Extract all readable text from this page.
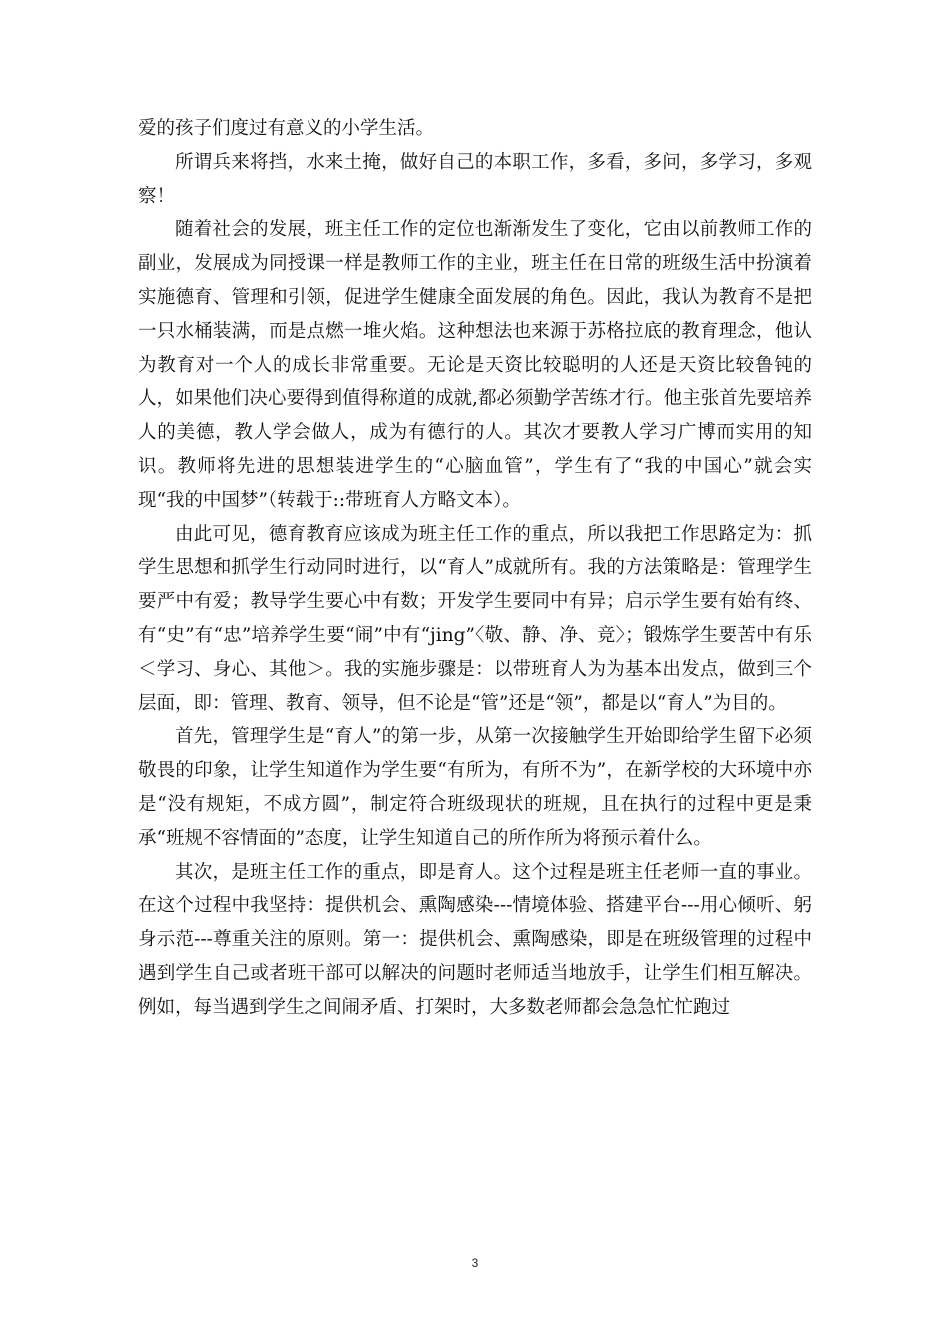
爱的孩子们度过有意义的小学生活。

所谓兵来将挡，水来土掩，做好自己的本职工作，多看，多问，多学习，多观察！

随着社会的发展，班主任工作的定位也渐渐发生了变化，它由以前教师工作的副业，发展成为同授课一样是教师工作的主业，班主任在日常的班级生活中扮演着实施德育、管理和引领，促进学生健康全面发展的角色。因此，我认为教育不是把一只水桶装满，而是点燃一堆火焰。这种想法也来源于苏格拉底的教育理念，他认为教育对一个人的成长非常重要。无论是天资比较聪明的人还是天资比较鲁钝的人，如果他们决心要得到值得称道的成就,都必须勤学苦练才行。他主张首先要培养人的美德，教人学会做人，成为有德行的人。其次才要教人学习广博而实用的知识。教师将先进的思想装进学生的“心脑血管”，学生有了“我的中国心”就会实现“我的中国梦”（转载于::带班育人方略文本）。

由此可见，德育教育应该成为班主任工作的重点，所以我把工作思路定为：抓学生思想和抓学生行动同时进行，以“育人”成就所有。我的方法策略是：管理学生要严中有爱；教导学生要心中有数；开发学生要同中有异；启示学生要有始有终、有“史”有“忠”培养学生要“闹”中有“jing”〈敬、静、净、竞〉；锻炼学生要苦中有乐＜学习、身心、其他＞。我的实施步骤是：以带班育人为为基本出发点，做到三个层面，即：管理、教育、领导，但不论是“管”还是“领”，都是以“育人”为目的。

首先，管理学生是“育人”的第一步，从第一次接触学生开始即给学生留下必须敬畏的印象，让学生知道作为学生要“有所为，有所不为”，在新学校的大环境中亦是“没有规矩，不成方圆”，制定符合班级现状的班规，且在执行的过程中更是秉承“班规不容情面的”态度，让学生知道自己的所作所为将预示着什么。

其次，是班主任工作的重点，即是育人。这个过程是班主任老师一直的事业。在这个过程中我坚持：提供机会、熏陶感染---情境体验、搭建平台---用心倾听、躬身示范---尊重关注的原则。第一：提供机会、熏陶感染，即是在班级管理的过程中遇到学生自己或者班干部可以解决的问题时老师适当地放手，让学生们相互解决。例如，每当遇到学生之间闹矛盾、打架时，大多数老师都会急急忙忙跑过

3
